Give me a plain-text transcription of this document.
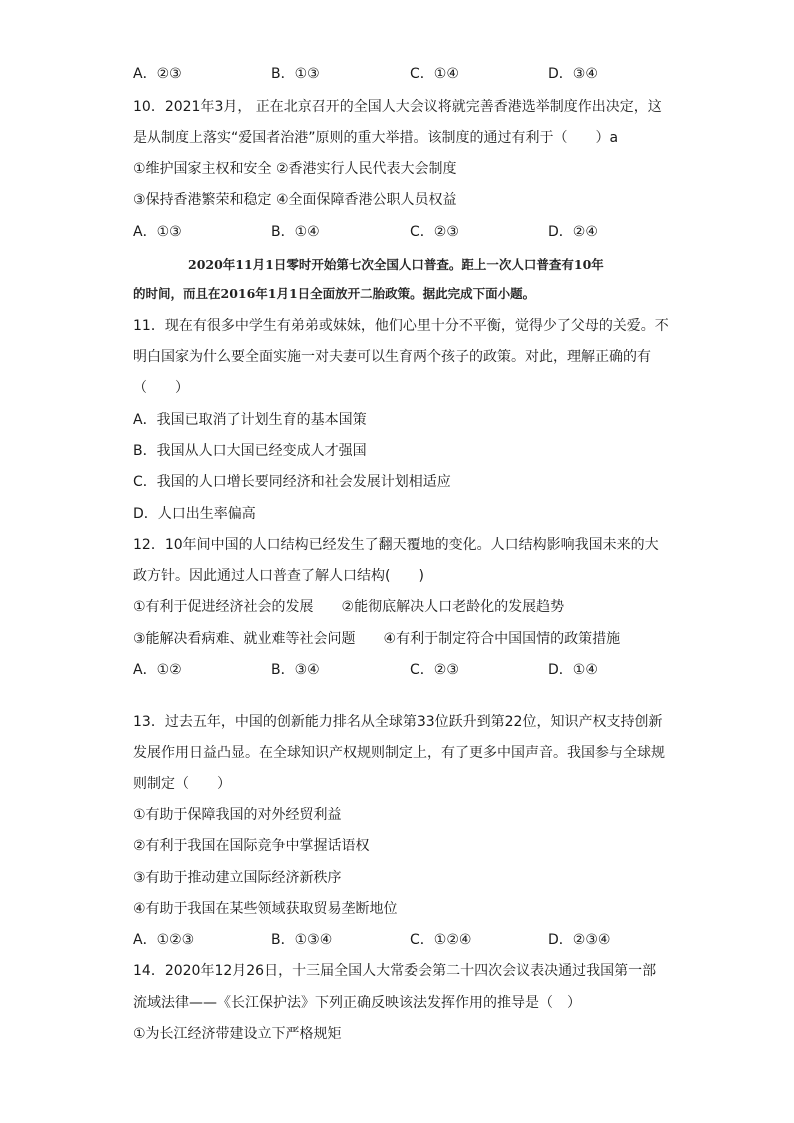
A．②③	B．①③	C．①④	D．③④
10．2021年3月， 正在北京召开的全国人大会议将就完善香港选举制度作出决定，这
是从制度上落实“爱国者治港”原则的重大举措。该制度的通过有利于（　　）a
①维护国家主权和安全 ②香港实行人民代表大会制度
③保持香港繁荣和稳定 ④全面保障香港公职人员权益
A．①③	B．①④	C．②③	D．②④
2020年11月1日零时开始第七次全国人口普查。距上一次人口普查有10年
的时间，而且在2016年1月1日全面放开二胎政策。据此完成下面小题。
11．现在有很多中学生有弟弟或妹妹，他们心里十分不平衡，觉得少了父母的关爱。不
明白国家为什么要全面实施一对夫妻可以生育两个孩子的政策。对此，理解正确的有
（　　）
A．我国已取消了计划生育的基本国策
B．我国从人口大国已经变成人才强国
C．我国的人口增长要同经济和社会发展计划相适应
D．人口出生率偏高
12．10年间中国的人口结构已经发生了翻天覆地的变化。人口结构影响我国未来的大
政方针。因此通过人口普查了解人口结构(　　)
①有利于促进经济社会的发展　　②能彻底解决人口老龄化的发展趋势
③能解决看病难、就业难等社会问题　　④有利于制定符合中国国情的政策措施
A．①②	B．③④	C．②③	D．①④
13．过去五年，中国的创新能力排名从全球第33位跃升到第22位，知识产权支持创新
发展作用日益凸显。在全球知识产权规则制定上，有了更多中国声音。我国参与全球规
则制定（　　）
①有助于保障我国的对外经贸利益
②有利于我国在国际竞争中掌握话语权
③有助于推动建立国际经济新秩序
④有助于我国在某些领域获取贸易垄断地位
A．①②③	B．①③④	C．①②④	D．②③④
14．2020年12月26日，十三届全国人大常委会第二十四次会议表决通过我国第一部
流域法律——《长江保护法》下列正确反映该法发挥作用的推导是（　）
①为长江经济带建设立下严格规矩
